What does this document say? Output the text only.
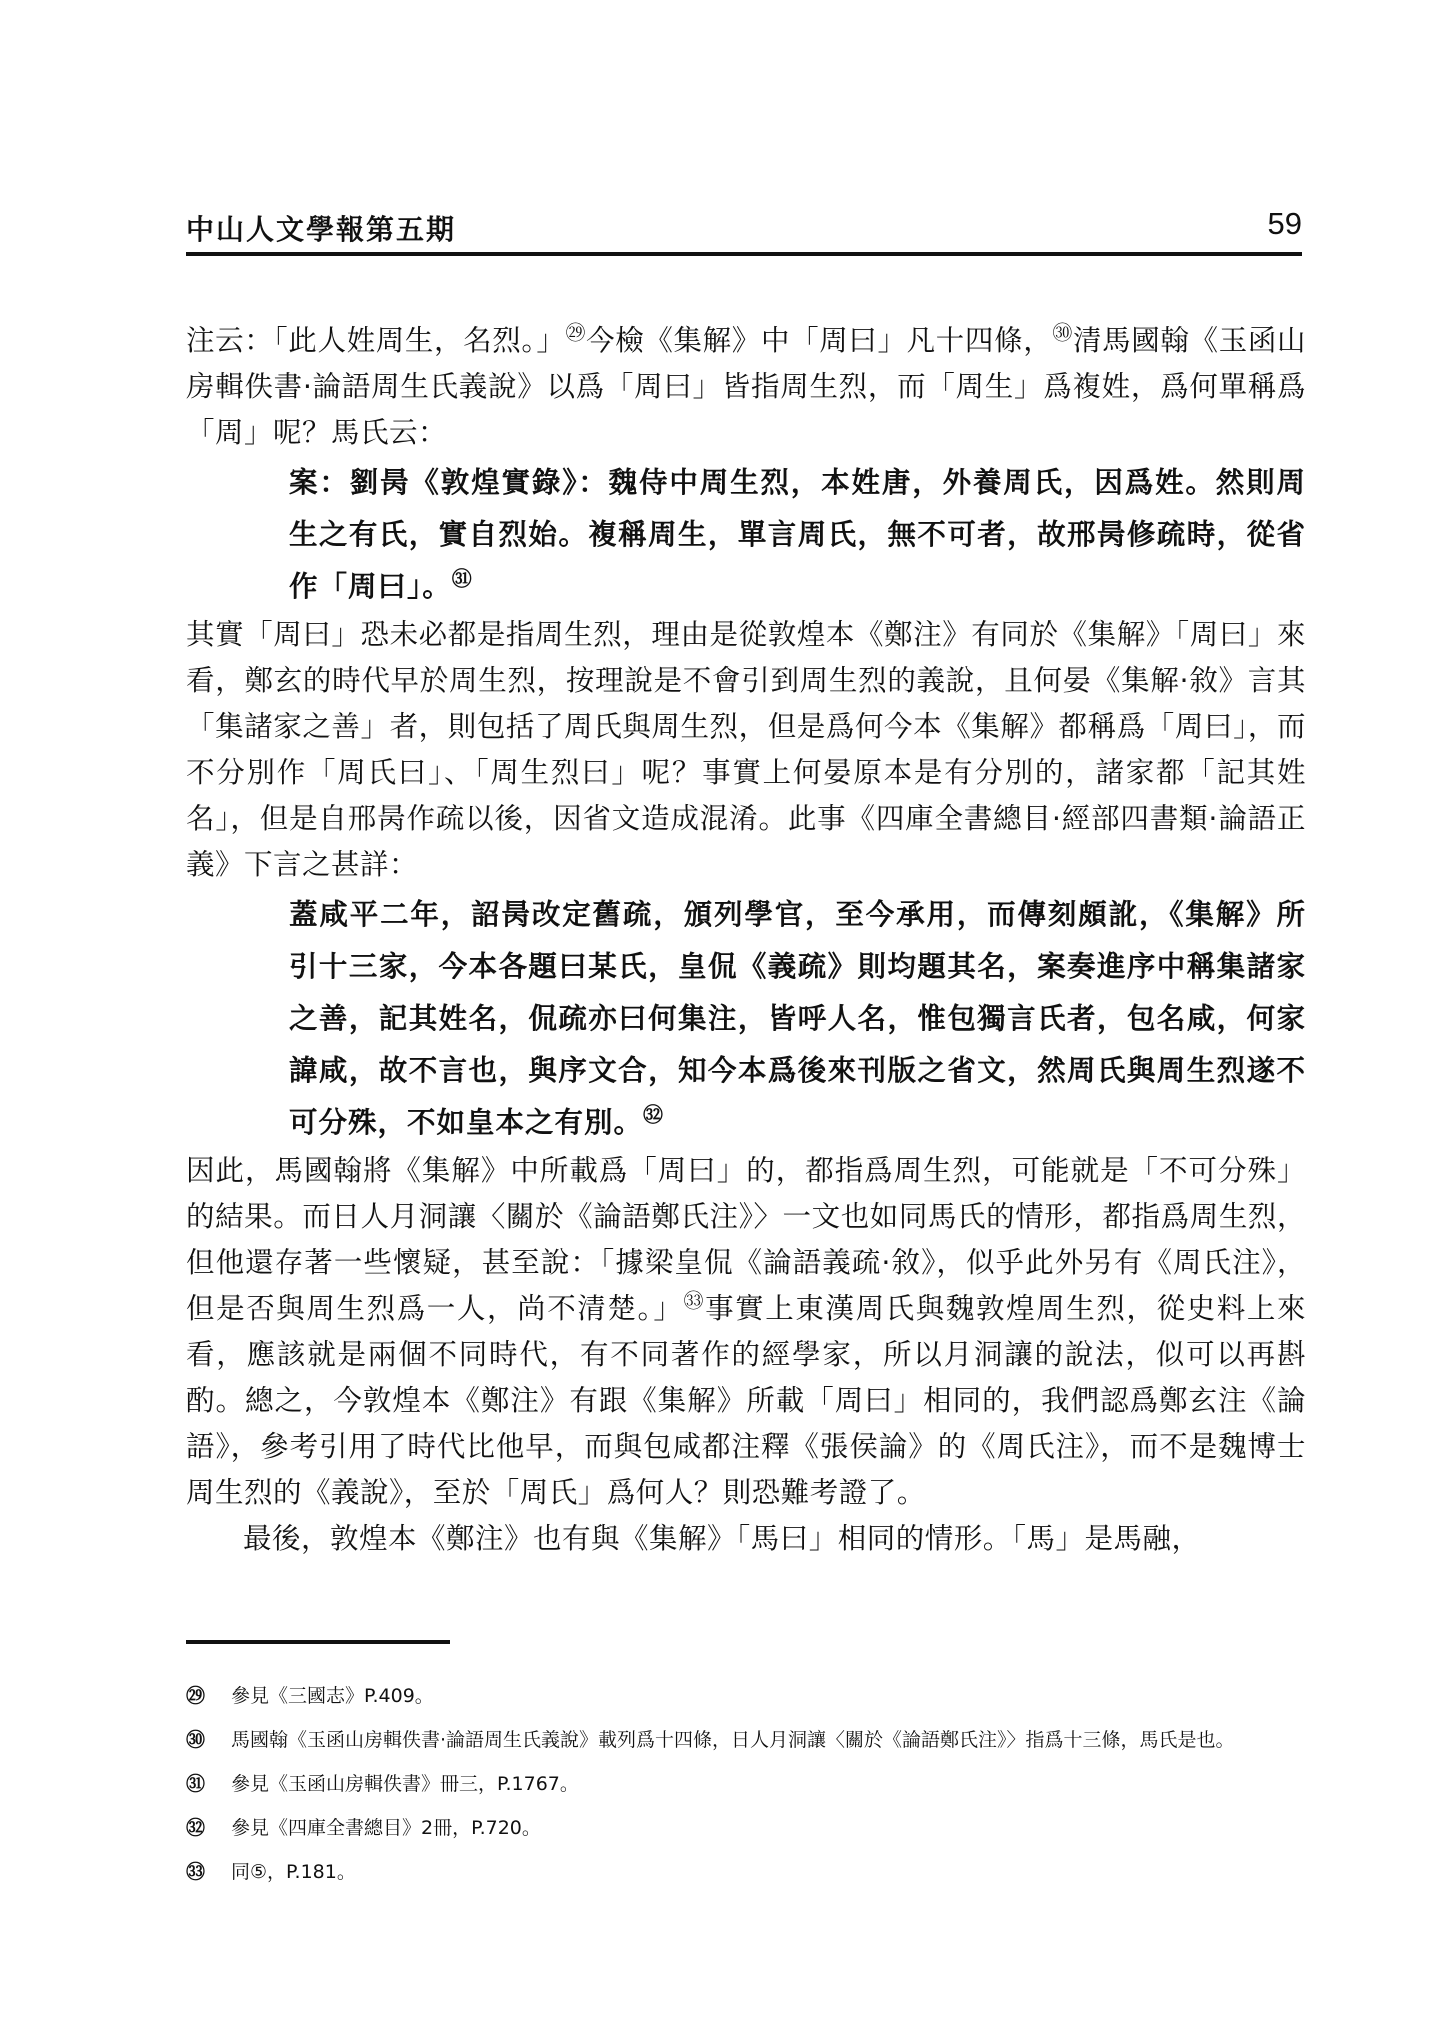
中山人文學報第五期	59

注云：「此人姓周生，名烈。」$^㉙$今檢《集解》中「周曰」凡十四條，$^㉚$清馬國翰《玉函山房輯佚書·論語周生氏義說》以爲「周曰」皆指周生烈，而「周生」爲複姓，爲何單稱爲「周」呢？馬氏云：

案：劉昺《敦煌實錄》：魏侍中周生烈，本姓唐，外養周氏，因爲姓。然則周生之有氏，實自烈始。複稱周生，單言周氏，無不可者，故邢昺修疏時，從省作「周曰」。$^㉛$

其實「周曰」恐未必都是指周生烈，理由是從敦煌本《鄭注》有同於《集解》「周曰」來看，鄭玄的時代早於周生烈，按理說是不會引到周生烈的義說，且何晏《集解·敘》言其「集諸家之善」者，則包括了周氏與周生烈，但是爲何今本《集解》都稱爲「周曰」，而不分別作「周氏曰」、「周生烈曰」呢？事實上何晏原本是有分別的，諸家都「記其姓名」，但是自邢昺作疏以後，因省文造成混淆。此事《四庫全書總目·經部四書類·論語正義》下言之甚詳：

蓋咸平二年，詔昺改定舊疏，頒列學官，至今承用，而傳刻頗訛，《集解》所引十三家，今本各題曰某氏，皇侃《義疏》則均題其名，案奏進序中稱集諸家之善，記其姓名，侃疏亦曰何集注，皆呼人名，惟包獨言氏者，包名咸，何家諱咸，故不言也，與序文合，知今本爲後來刊版之省文，然周氏與周生烈遂不可分殊，不如皇本之有別。$^㉜$

因此，馬國翰將《集解》中所載爲「周曰」的，都指爲周生烈，可能就是「不可分殊」的結果。而日人月洞讓〈關於《論語鄭氏注》〉一文也如同馬氏的情形，都指爲周生烈，但他還存著一些懷疑，甚至說：「據梁皇侃《論語義疏·敘》，似乎此外另有《周氏注》，但是否與周生烈爲一人，尚不清楚。」$^㉝$事實上東漢周氏與魏敦煌周生烈，從史料上來看，應該就是兩個不同時代，有不同著作的經學家，所以月洞讓的說法，似可以再斟酌。總之，今敦煌本《鄭注》有跟《集解》所載「周曰」相同的，我們認爲鄭玄注《論語》，參考引用了時代比他早，而與包咸都注釋《張侯論》的《周氏注》，而不是魏博士周生烈的《義說》，至於「周氏」爲何人？則恐難考證了。

最後，敦煌本《鄭注》也有與《集解》「馬曰」相同的情形。「馬」是馬融，

㉙	參見《三國志》P.409。
㉚	馬國翰《玉函山房輯佚書·論語周生氏義說》載列爲十四條，日人月洞讓〈關於《論語鄭氏注》〉指爲十三條，馬氏是也。
㉛	參見《玉函山房輯佚書》冊三，P.1767。
㉜	參見《四庫全書總目》2冊，P.720。
㉝	同⑤，P.181。
